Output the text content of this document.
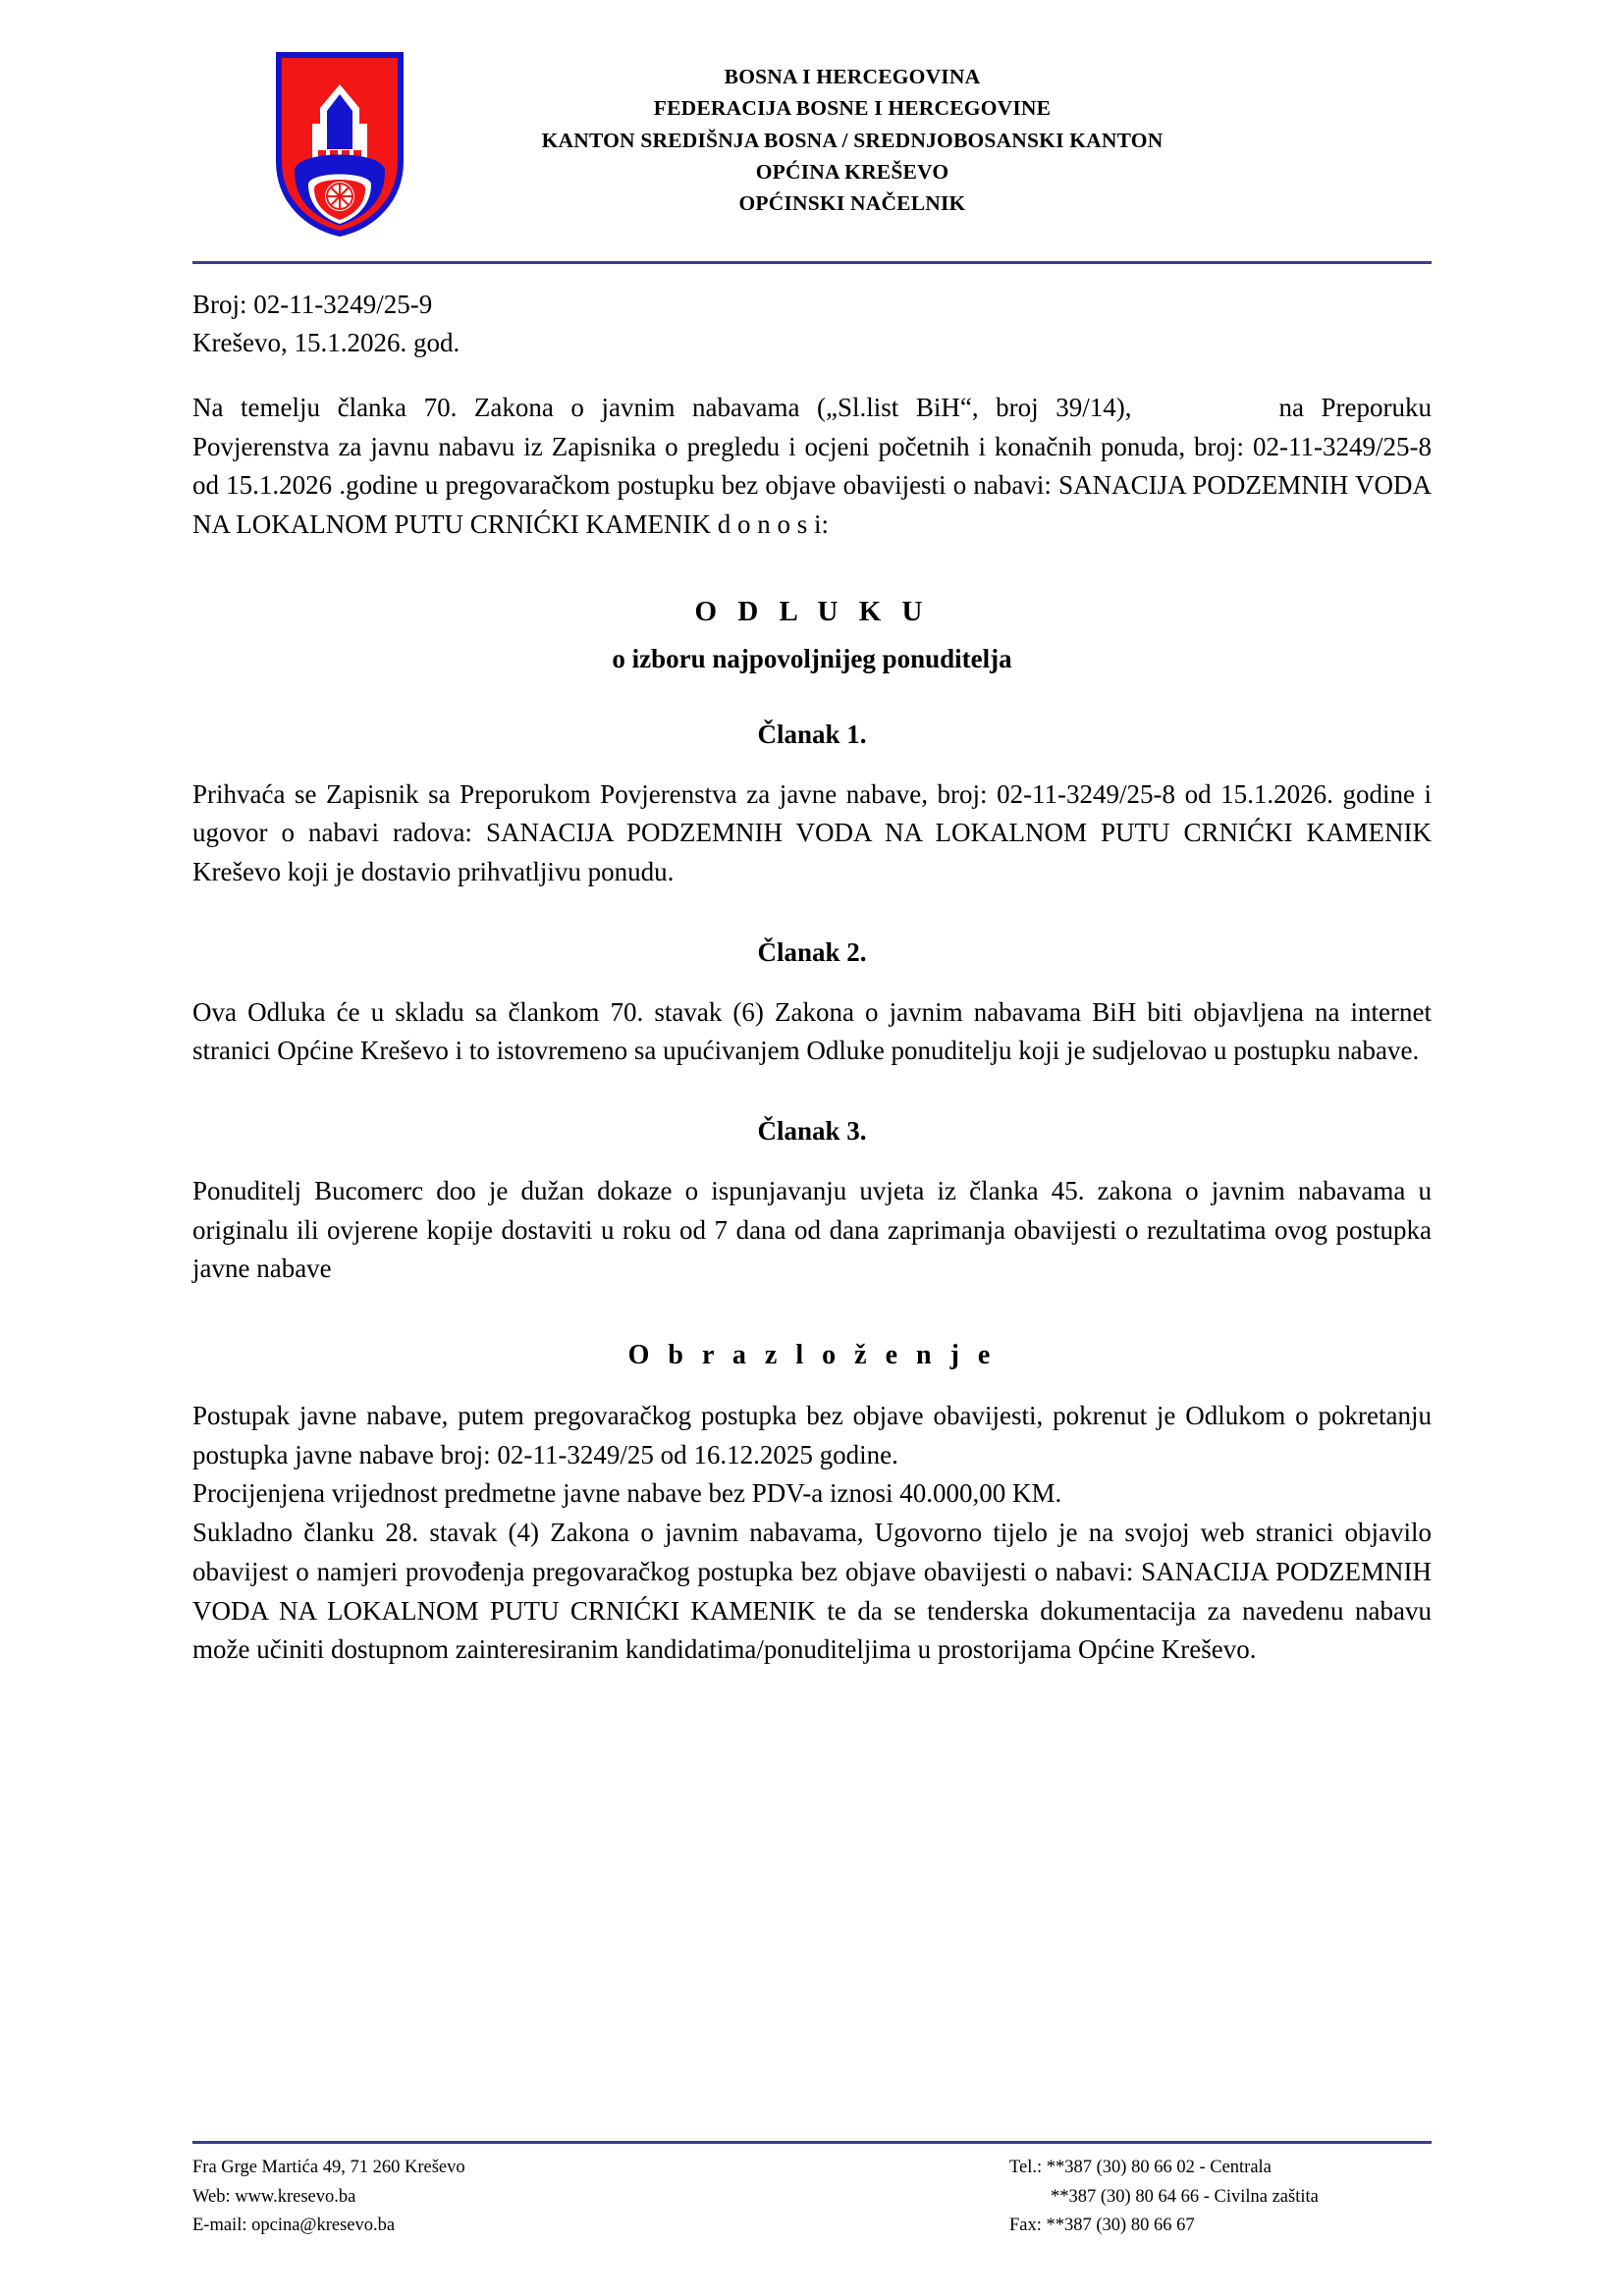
BOSNA I HERCEGOVINA
FEDERACIJA BOSNE I HERCEGOVINE
KANTON SREDIŠNJA BOSNA / SREDNJOBOSANSKI KANTON
OPĆINA KREŠEVO
OPĆINSKI NAČELNIK
Broj: 02-11-3249/25-9
Kreševo, 15.1.2026. god.

Na temelju članka 70. Zakona o javnim nabavama („Sl.list BiH“, broj 39/14),	na Preporuku Povjerenstva za javnu nabavu iz Zapisnika o pregledu i ocjeni početnih i konačnih ponuda, broj: 02-11-3249/25-8 od 15.1.2026 .godine u pregovaračkom postupku bez objave obavijesti o nabavi: SANACIJA PODZEMNIH VODA NA LOKALNOM PUTU CRNIĆKI KAMENIK d o n o s i:

O D L U K U
o izboru najpovoljnijeg ponuditelja
Članak 1.

Prihvaća se Zapisnik sa Preporukom Povjerenstva za javne nabave, broj: 02-11-3249/25-8 od 15.1.2026. godine i ugovor o nabavi radova: SANACIJA PODZEMNIH VODA NA LOKALNOM PUTU CRNIĆKI KAMENIK Kreševo koji je dostavio prihvatljivu ponudu.

Članak 2.

Ova Odluka će u skladu sa člankom 70. stavak (6) Zakona o javnim nabavama BiH biti objavljena na internet stranici Općine Kreševo i to istovremeno sa upućivanjem Odluke ponuditelju koji je sudjelovao u postupku nabave.

Članak 3.

Ponuditelj Bucomerc doo je dužan dokaze o ispunjavanju uvjeta iz članka 45. zakona o javnim nabavama u originalu ili ovjerene kopije dostaviti u roku od 7 dana od dana zaprimanja obavijesti o rezultatima ovog postupka javne nabave

O b r a z l o ž e n j e

Postupak javne nabave, putem pregovaračkog postupka bez objave obavijesti, pokrenut je Odlukom o pokretanju postupka javne nabave broj: 02-11-3249/25 od 16.12.2025 godine.

Procijenjena vrijednost predmetne javne nabave bez PDV-a iznosi 40.000,00 KM.

Sukladno članku 28. stavak (4) Zakona o javnim nabavama, Ugovorno tijelo je na svojoj web stranici objavilo obavijest o namjeri provođenja pregovaračkog postupka bez objave obavijesti o nabavi: SANACIJA PODZEMNIH VODA NA LOKALNOM PUTU CRNIĆKI KAMENIK te da se tenderska dokumentacija za navedenu nabavu može učiniti dostupnom zainteresiranim kandidatima/ponuditeljima u prostorijama Općine Kreševo.

Fra Grge Martića 49, 71 260 Kreševo
Web: www.kresevo.ba
E-mail: opcina@kresevo.ba
Tel.: **387 (30) 80 66 02 - Centrala
**387 (30) 80 64 66 - Civilna zaštita
Fax: **387 (30) 80 66 67
